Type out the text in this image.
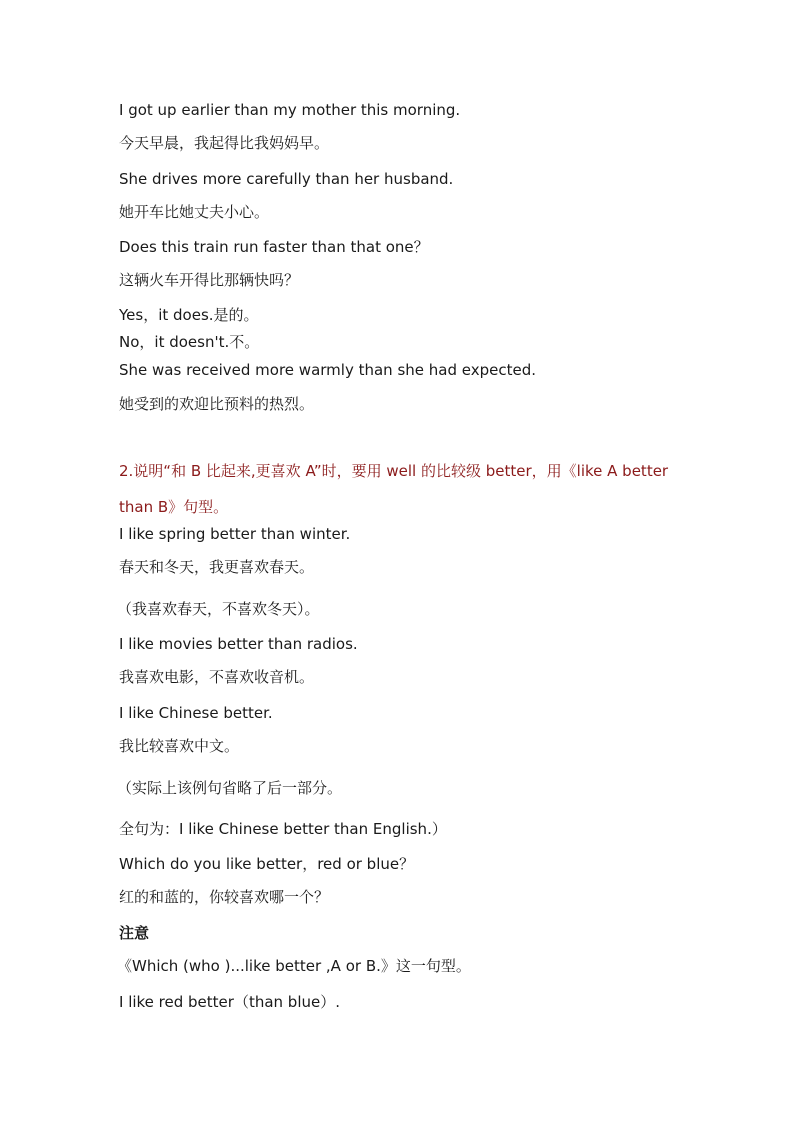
I got up earlier than my mother this morning.
今天早晨，我起得比我妈妈早。
She drives more carefully than her husband.
她开车比她丈夫小心。
Does this train run faster than that one？
这辆火车开得比那辆快吗？
Yes，it does.是的。
No，it doesn't.不。
She was received more warmly than she had expected.
她受到的欢迎比预料的热烈。
2.说明“和 B 比起来,更喜欢 A”时，要用 well 的比较级 better，用《like A better
than B》句型。
I like spring better than winter.
春天和冬天，我更喜欢春天。
（我喜欢春天，不喜欢冬天）。
I like movies better than radios.
我喜欢电影，不喜欢收音机。
I like Chinese better.
我比较喜欢中文。
（实际上该例句省略了后一部分。
全句为：I like Chinese better than English.）
Which do you like better，red or blue？
红的和蓝的，你较喜欢哪一个？
注意
《Which (who )...like better ,A or B.》这一句型。
I like red better（than blue）.
